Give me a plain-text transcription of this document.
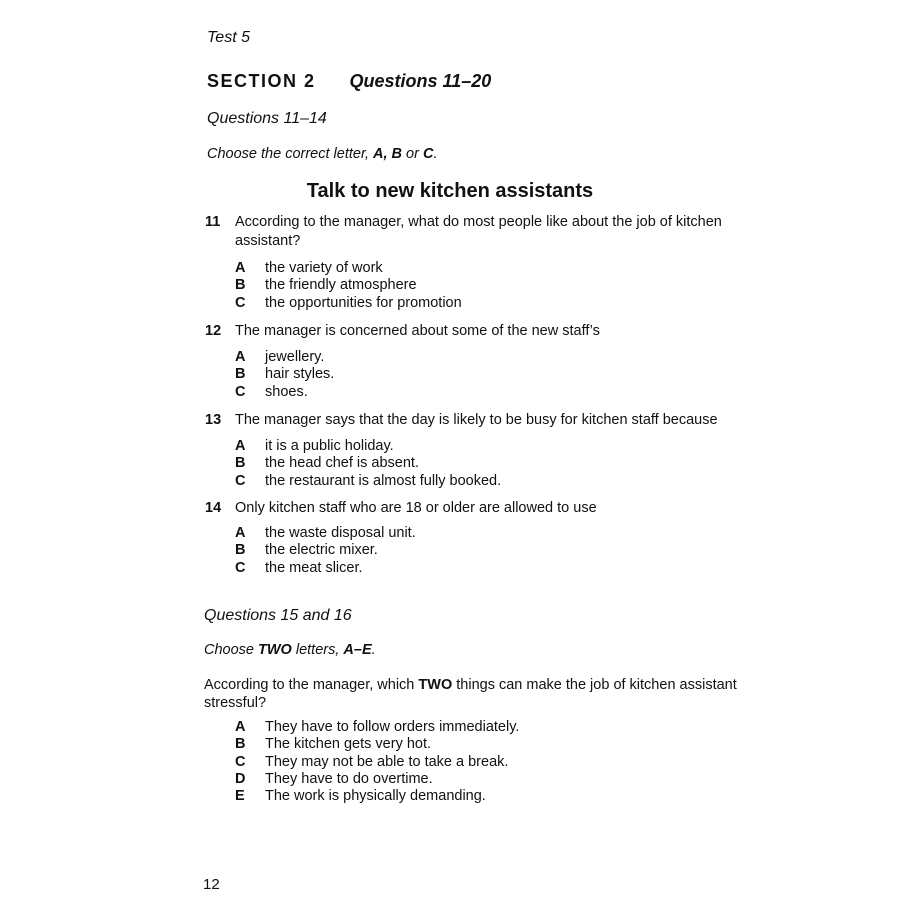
Test 5
SECTION 2 Questions 11–20
Questions 11–14
Choose the correct letter, A, B or C.
Talk to new kitchen assistants
11 According to the manager, what do most people like about the job of kitchen assistant?
A the variety of work
B the friendly atmosphere
C the opportunities for promotion
12 The manager is concerned about some of the new staff’s
A jewellery.
B hair styles.
C shoes.
13 The manager says that the day is likely to be busy for kitchen staff because
A it is a public holiday.
B the head chef is absent.
C the restaurant is almost fully booked.
14 Only kitchen staff who are 18 or older are allowed to use
A the waste disposal unit.
B the electric mixer.
C the meat slicer.
Questions 15 and 16
Choose TWO letters, A–E.
According to the manager, which TWO things can make the job of kitchen assistant stressful?
A They have to follow orders immediately.
B The kitchen gets very hot.
C They may not be able to take a break.
D They have to do overtime.
E The work is physically demanding.
12
